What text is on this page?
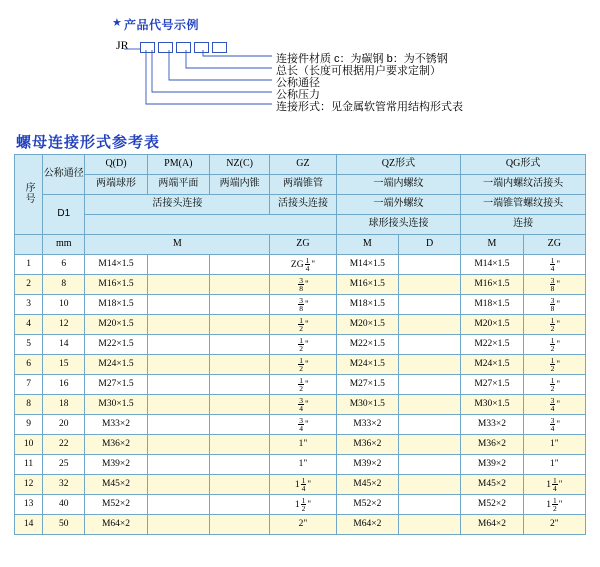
★ 产品代号示例
JR
连接件材质 c：为碳钢 b：为不锈钢
总长（长度可根据用户要求定制）
公称通径
公称压力
连接形式：见金属软管常用结构形式表
螺母连接形式参考表
序号	公称通径	Q(D)	PM(A)	NZ(C)	GZ	QZ形式		QG形式	
		两端球形	两端平面	两端内锥	两端锥管	一端内螺纹		一端内螺纹活接头	
	D1	活接头连接			活接头连接	一端外螺纹		一端锥管螺纹接头	
						球形接头连接		连接	
	mm	M			ZG	M	D	M	ZG
1	6	M14×1.5			ZG $\frac{1}{4}$ "	M14×1.5		M14×1.5	$\frac{1}{4}$ "
2	8	M16×1.5			$\frac{3}{8}$ "	M16×1.5		M16×1.5	$\frac{3}{8}$ "
3	10	M18×1.5			$\frac{3}{8}$ "	M18×1.5		M18×1.5	$\frac{3}{8}$ "
4	12	M20×1.5			$\frac{1}{2}$ "	M20×1.5		M20×1.5	$\frac{1}{2}$ "
5	14	M22×1.5			$\frac{1}{2}$ "	M22×1.5		M22×1.5	$\frac{1}{2}$ "
6	15	M24×1.5			$\frac{1}{2}$ "	M24×1.5		M24×1.5	$\frac{1}{2}$ "
7	16	M27×1.5			$\frac{1}{2}$ "	M27×1.5		M27×1.5	$\frac{1}{2}$ "
8	18	M30×1.5			$\frac{3}{4}$ "	M30×1.5		M30×1.5	$\frac{3}{4}$ "
9	20	M33×2			$\frac{3}{4}$ "	M33×2		M33×2	$\frac{3}{4}$ "
10	22	M36×2			1"	M36×2		M36×2	1"
11	25	M39×2			1"	M39×2		M39×2	1"
12	32	M45×2			$1 \frac{1}{4}$ "	M45×2		M45×2	$1 \frac{1}{4}$ "
13	40	M52×2			$1 \frac{1}{2}$ "	M52×2		M52×2	$1 \frac{1}{2}$ "
14	50	M64×2			2"	M64×2		M64×2	2"
